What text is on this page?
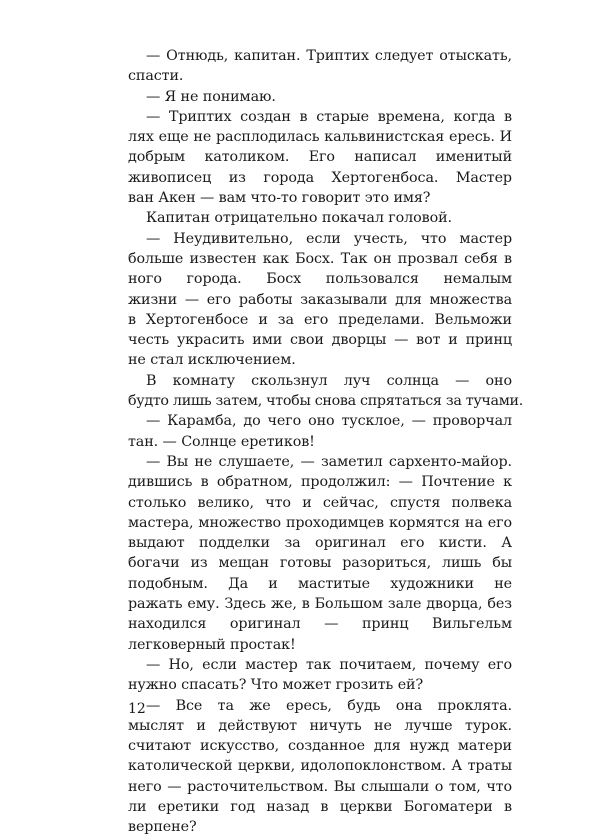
— Отнюдь, капитан. Триптих следует отыскать,
спасти.
— Я не понимаю.
— Триптих создан в старые времена, когда в
лях еще не расплодилась кальвинистская ересь. И
добрым католиком. Его написал именитый
живописец из города Хертогенбоса. Мастер
ван Акен — вам что-то говорит это имя?
Капитан отрицательно покачал головой.
— Неудивительно, если учесть, что мастер
больше известен как Босх. Так он прозвал себя в
ного города. Босх пользовался немалым
жизни — его работы заказывали для множества
в Хертогенбосе и за его пределами. Вельможи
честь украсить ими свои дворцы — вот и принц
не стал исключением.
В комнату скользнул луч солнца — оно
будто лишь затем, чтобы снова спрятаться за тучами.
— Карамба, до чего оно тусклое, — проворчал
тан. — Солнце еретиков!
— Вы не слушаете, — заметил сархенто-майор.
дившись в обратном, продолжил: — Почтение к
столько велико, что и сейчас, спустя полвека
мастера, множество проходимцев кормятся на его
выдают подделки за оригинал его кисти. А
богачи из мещан готовы разориться, лишь бы
подобным. Да и маститые художники не
ражать ему. Здесь же, в Большом зале дворца, без
находился оригинал — принц Вильгельм
легковерный простак!
— Но, если мастер так почитаем, почему его
нужно спасать? Что может грозить ей?
— Все та же ересь, будь она проклята.
мыслят и действуют ничуть не лучше турок.
считают искусство, созданное для нужд матери
католической церкви, идолопоклонством. А траты
него — расточительством. Вы слышали о том, что
ли еретики год назад в церкви Богоматери в
верпене?
12
